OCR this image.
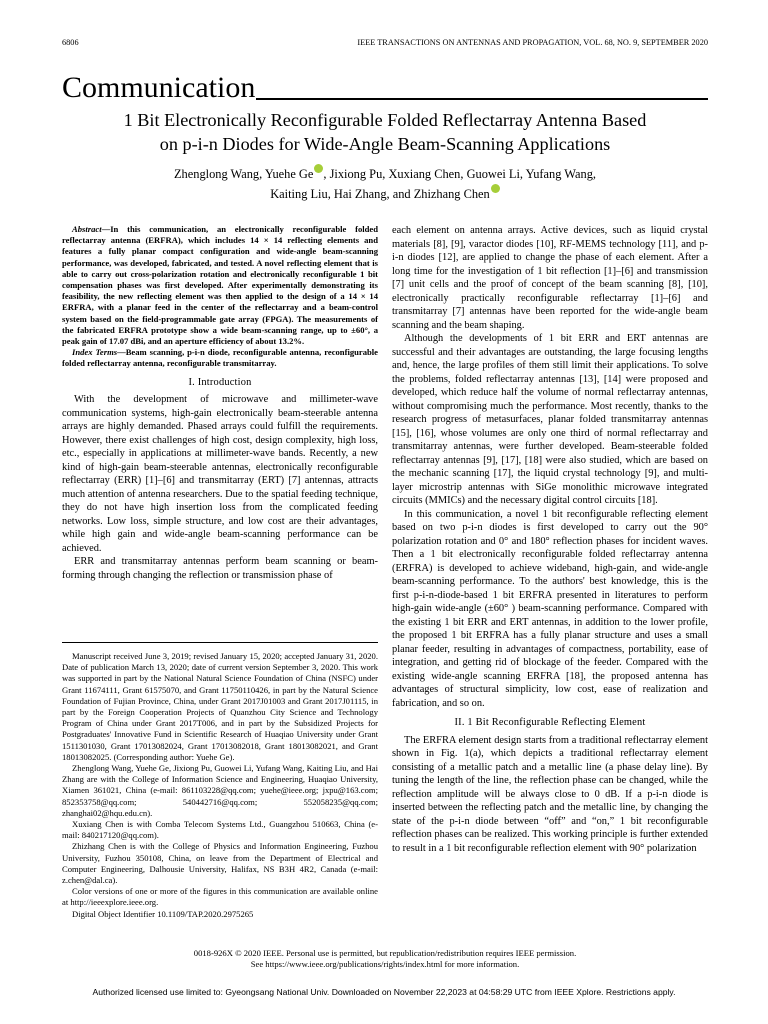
6806	IEEE TRANSACTIONS ON ANTENNAS AND PROPAGATION, VOL. 68, NO. 9, SEPTEMBER 2020
Communication
1 Bit Electronically Reconfigurable Folded Reflectarray Antenna Based
on p-i-n Diodes for Wide-Angle Beam-Scanning Applications
Zhenglong Wang, Yuehe Ge , Jixiong Pu, Xuxiang Chen, Guowei Li, Yufang Wang,
Kaiting Liu, Hai Zhang, and Zhizhang Chen

Abstract—In this communication, an electronically reconfigurable folded reflectarray antenna (ERFRA), which includes 14 × 14 reflecting elements and features a fully planar compact configuration and wide-angle beam-scanning performance, was developed, fabricated, and tested. A novel reflecting element that is able to carry out cross-polarization rotation and electronically reconfigurable 1 bit compensation phases was first developed. After experimentally demonstrating its feasibility, the new reflecting element was then applied to the design of a 14 × 14 ERFRA, with a planar feed in the center of the reflectarray and a beam-control system based on the field-programmable gate array (FPGA). The measurements of the fabricated ERFRA prototype show a wide beam-scanning range, up to ±60°, a peak gain of 17.07 dBi, and an aperture efficiency of about 13.2%.

Index Terms—Beam scanning, p-i-n diode, reconfigurable antenna, reconfigurable folded reflectarray antenna, reconfigurable transmitarray.

I. Introduction

With the development of microwave and millimeter-wave communication systems, high-gain electronically beam-steerable antenna arrays are highly demanded. Phased arrays could fulfill the requirements. However, there exist challenges of high cost, design complexity, high loss, etc., especially in applications at millimeter-wave bands. Recently, a new kind of high-gain beam-steerable antennas, electronically reconfigurable reflectarray (ERR) [1]–[6] and transmitarray (ERT) [7] antennas, attracts much attention of antenna researchers. Due to the spatial feeding technique, they do not have high insertion loss from the complicated feeding networks. Low loss, simple structure, and low cost are their advantages, while high gain and wide-angle beam-scanning performance can be achieved.

ERR and transmitarray antennas perform beam scanning or beam-forming through changing the reflection or transmission phase of

Manuscript received June 3, 2019; revised January 15, 2020; accepted January 31, 2020. Date of publication March 13, 2020; date of current version September 3, 2020. This work was supported in part by the National Natural Science Foundation of China (NSFC) under Grant 11674111, Grant 61575070, and Grant 11750110426, in part by the Natural Science Foundation of Fujian Province, China, under Grant 2017J01003 and Grant 2017J01115, in part by the Foreign Cooperation Projects of Quanzhou City Science and Technology Program of China under Grant 2017T006, and in part by the Subsidized Projects for Postgraduates' Innovative Fund in Scientific Research of Huaqiao University under Grant 1511301030, Grant 17013082024, Grant 17013082018, Grant 18013082021, and Grant 18013082025. (Corresponding author: Yuehe Ge).

Zhenglong Wang, Yuehe Ge, Jixiong Pu, Guowei Li, Yufang Wang, Kaiting Liu, and Hai Zhang are with the College of Information Science and Engineering, Huaqiao University, Xiamen 361021, China (e-mail: 861103228@qq.com; yuehe@ieee.org; jxpu@163.com; 852353758@qq.com; 540442716@qq.com; 552058235@qq.com; zhanghai02@hqu.edu.cn).

Xuxiang Chen is with Comba Telecom Systems Ltd., Guangzhou 510663, China (e-mail: 840217120@qq.com).

Zhizhang Chen is with the College of Physics and Information Engineering, Fuzhou University, Fuzhou 350108, China, on leave from the Department of Electrical and Computer Engineering, Dalhousie University, Halifax, NS B3H 4R2, Canada (e-mail: z.chen@dal.ca).

Color versions of one or more of the figures in this communication are available online at http://ieeexplore.ieee.org.

Digital Object Identifier 10.1109/TAP.2020.2975265

each element on antenna arrays. Active devices, such as liquid crystal materials [8], [9], varactor diodes [10], RF-MEMS technology [11], and p-i-n diodes [12], are applied to change the phase of each element. After a long time for the investigation of 1 bit reflection [1]–[6] and transmission [7] unit cells and the proof of concept of the beam scanning [8], [10], electronically practically reconfigurable reflectarray [1]–[6] and transmitarray [7] antennas have been reported for the wide-angle beam scanning and the beam shaping.

Although the developments of 1 bit ERR and ERT antennas are successful and their advantages are outstanding, the large focusing lengths and, hence, the large profiles of them still limit their applications. To solve the problems, folded reflectarray antennas [13], [14] were proposed and developed, which reduce half the volume of normal reflectarray antennas, without compromising much the performance. Most recently, thanks to the research progress of metasurfaces, planar folded transmitarray antennas [15], [16], whose volumes are only one third of normal reflectarray and transmitarray antennas, were further developed. Beam-steerable folded reflectarray antennas [9], [17], [18] were also studied, which are based on the mechanic scanning [17], the liquid crystal technology [9], and multi-layer microstrip antennas with SiGe monolithic microwave integrated circuits (MMICs) and the necessary digital control circuits [18].

In this communication, a novel 1 bit reconfigurable reflecting element based on two p-i-n diodes is first developed to carry out the 90° polarization rotation and 0° and 180° reflection phases for incident waves. Then a 1 bit electronically reconfigurable folded reflectarray antenna (ERFRA) is developed to achieve wideband, high-gain, and wide-angle beam-scanning performance. To the authors' best knowledge, this is the first p-i-n-diode-based 1 bit ERFRA presented in literatures to perform high-gain wide-angle (±60° ) beam-scanning performance. Compared with the existing 1 bit ERR and ERT antennas, in addition to the lower profile, the proposed 1 bit ERFRA has a fully planar structure and uses a small planar feeder, resulting in advantages of compactness, portability, ease of integration, and getting rid of blockage of the feeder. Compared with the existing wide-angle scanning ERFRA [18], the proposed antenna has advantages of structural simplicity, low cost, ease of realization and fabrication, and so on.

II. 1 Bit Reconfigurable Reflecting Element

The ERFRA element design starts from a traditional reflectarray element shown in Fig. 1(a), which depicts a traditional reflectarray element consisting of a metallic patch and a metallic line (a phase delay line). By tuning the length of the line, the reflection phase can be changed, while the reflection amplitude will be always close to 0 dB. If a p-i-n diode is inserted between the reflecting patch and the metallic line, by changing the state of the p-i-n diode between “off” and “on,” 1 bit reconfigurable reflection phases can be realized. This working principle is further extended to result in a 1 bit reconfigurable reflection element with 90° polarization

0018-926X © 2020 IEEE. Personal use is permitted, but republication/redistribution requires IEEE permission.
See https://www.ieee.org/publications/rights/index.html for more information.
Authorized licensed use limited to: Gyeongsang National Univ. Downloaded on November 22,2023 at 04:58:29 UTC from IEEE Xplore. Restrictions apply.
